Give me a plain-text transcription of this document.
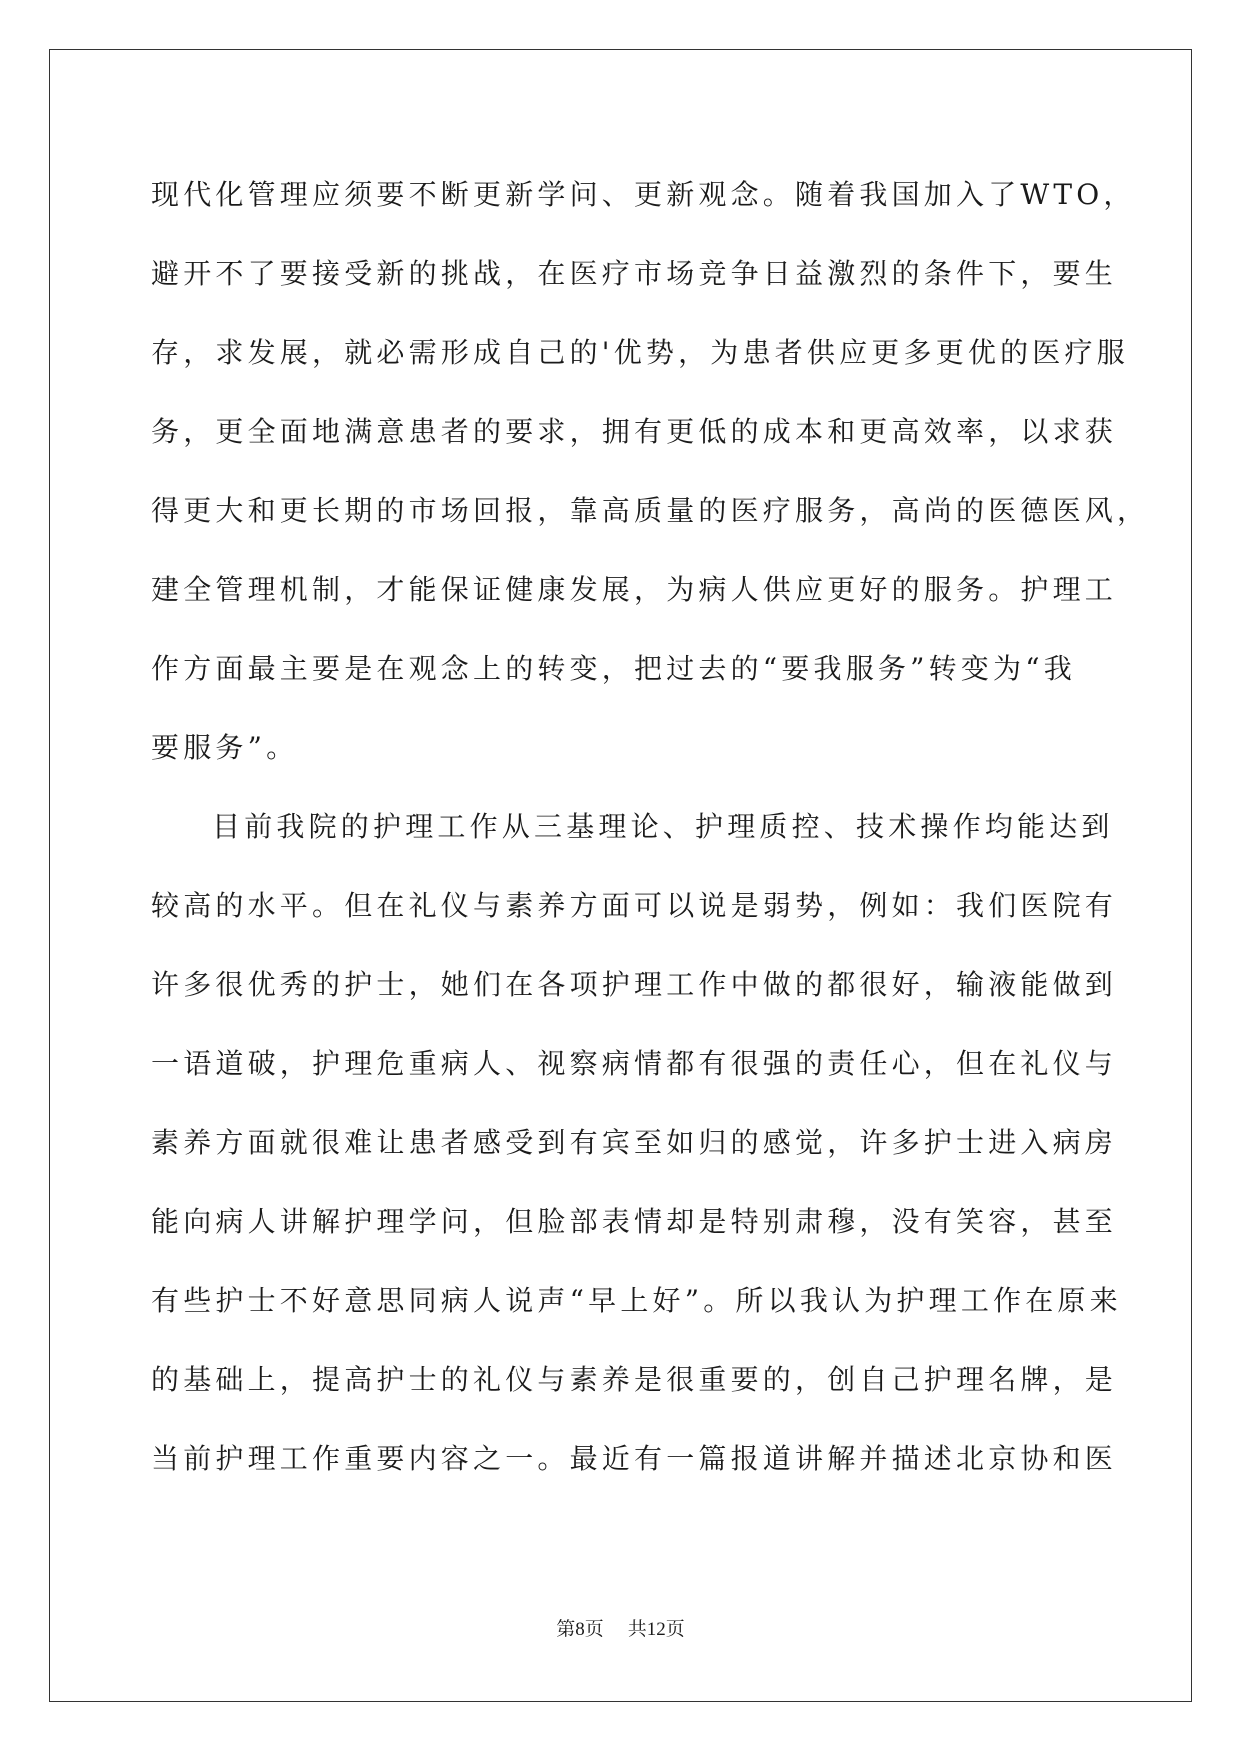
现代化管理应须要不断更新学问、更新观念。随着我国加入了WTO，
避开不了要接受新的挑战，在医疗市场竞争日益激烈的条件下，要生
存，求发展，就必需形成自己的'优势，为患者供应更多更优的医疗服
务，更全面地满意患者的要求，拥有更低的成本和更高效率，以求获
得更大和更长期的市场回报，靠高质量的医疗服务，高尚的医德医风，
建全管理机制，才能保证健康发展，为病人供应更好的服务。护理工
作方面最主要是在观念上的转变，把过去的“要我服务”转变为“我
要服务”。
目前我院的护理工作从三基理论、护理质控、技术操作均能达到
较高的水平。但在礼仪与素养方面可以说是弱势，例如：我们医院有
许多很优秀的护士，她们在各项护理工作中做的都很好，输液能做到
一语道破，护理危重病人、视察病情都有很强的责任心，但在礼仪与
素养方面就很难让患者感受到有宾至如归的感觉，许多护士进入病房
能向病人讲解护理学问，但脸部表情却是特别肃穆，没有笑容，甚至
有些护士不好意思同病人说声“早上好”。所以我认为护理工作在原来
的基础上，提高护士的礼仪与素养是很重要的，创自己护理名牌，是
当前护理工作重要内容之一。最近有一篇报道讲解并描述北京协和医
第8页 共12页
